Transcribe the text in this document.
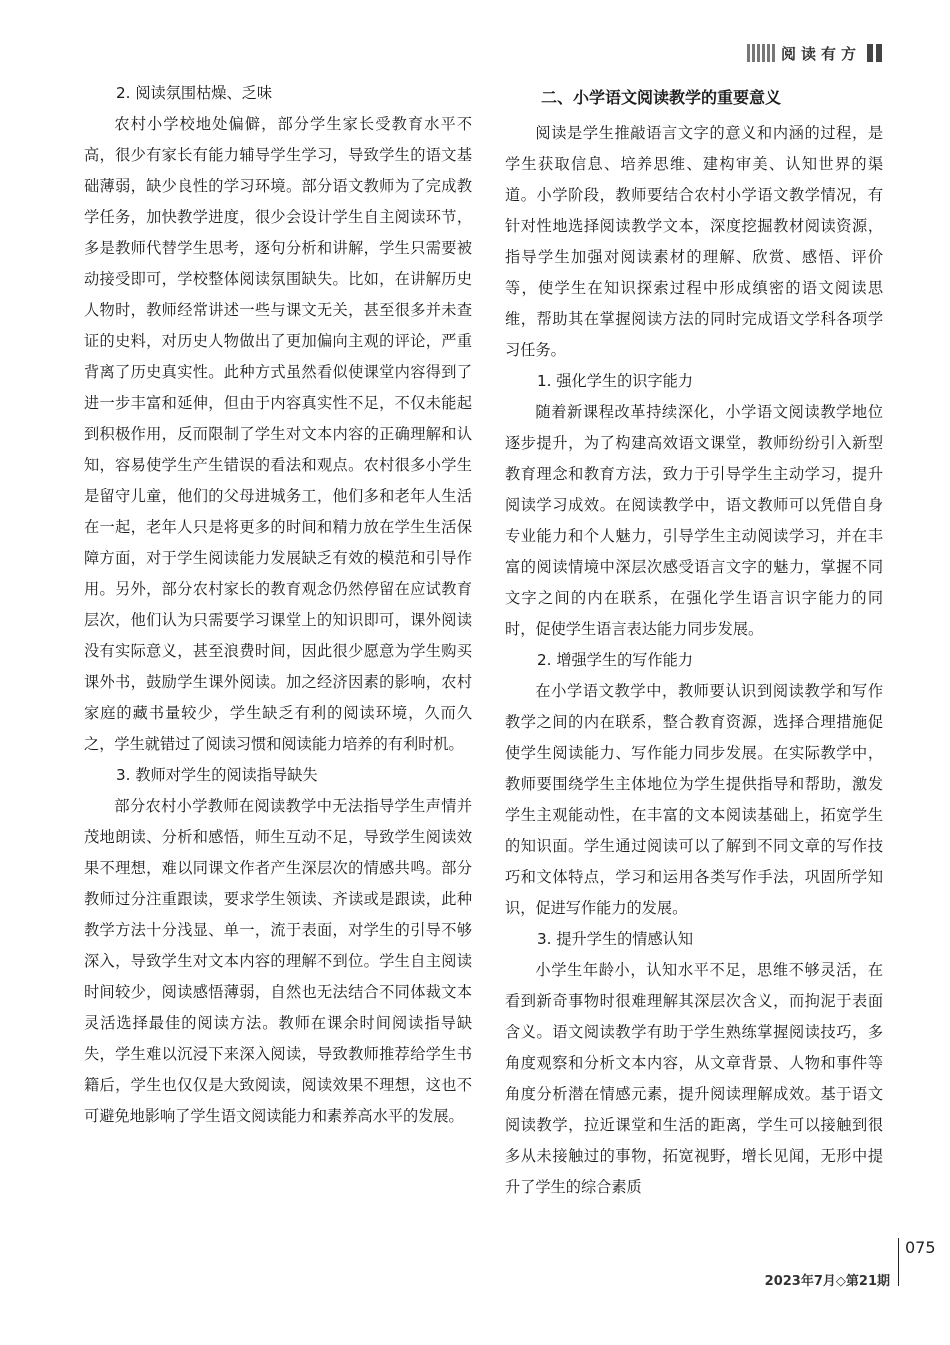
阅读有方

2. 阅读氛围枯燥、乏味

农村小学校地处偏僻，部分学生家长受教育水平不高，很少有家长有能力辅导学生学习，导致学生的语文基础薄弱，缺少良性的学习环境。部分语文教师为了完成教学任务，加快教学进度，很少会设计学生自主阅读环节，多是教师代替学生思考，逐句分析和讲解，学生只需要被动接受即可，学校整体阅读氛围缺失。比如，在讲解历史人物时，教师经常讲述一些与课文无关，甚至很多并未查证的史料，对历史人物做出了更加偏向主观的评论，严重背离了历史真实性。此种方式虽然看似使课堂内容得到了进一步丰富和延伸，但由于内容真实性不足，不仅未能起到积极作用，反而限制了学生对文本内容的正确理解和认知，容易使学生产生错误的看法和观点。农村很多小学生是留守儿童，他们的父母进城务工，他们多和老年人生活在一起，老年人只是将更多的时间和精力放在学生生活保障方面，对于学生阅读能力发展缺乏有效的模范和引导作用。另外，部分农村家长的教育观念仍然停留在应试教育层次，他们认为只需要学习课堂上的知识即可，课外阅读没有实际意义，甚至浪费时间，因此很少愿意为学生购买课外书，鼓励学生课外阅读。加之经济因素的影响，农村家庭的藏书量较少，学生缺乏有利的阅读环境，久而久之，学生就错过了阅读习惯和阅读能力培养的有利时机。

3. 教师对学生的阅读指导缺失

部分农村小学教师在阅读教学中无法指导学生声情并茂地朗读、分析和感悟，师生互动不足，导致学生阅读效果不理想，难以同课文作者产生深层次的情感共鸣。部分教师过分注重跟读，要求学生领读、齐读或是跟读，此种教学方法十分浅显、单一，流于表面，对学生的引导不够深入，导致学生对文本内容的理解不到位。学生自主阅读时间较少，阅读感悟薄弱，自然也无法结合不同体裁文本灵活选择最佳的阅读方法。教师在课余时间阅读指导缺失，学生难以沉浸下来深入阅读，导致教师推荐给学生书籍后，学生也仅仅是大致阅读，阅读效果不理想，这也不可避免地影响了学生语文阅读能力和素养高水平的发展。

二、小学语文阅读教学的重要意义

阅读是学生推敲语言文字的意义和内涵的过程，是学生获取信息、培养思维、建构审美、认知世界的渠道。小学阶段，教师要结合农村小学语文教学情况，有针对性地选择阅读教学文本，深度挖掘教材阅读资源，指导学生加强对阅读素材的理解、欣赏、感悟、评价等，使学生在知识探索过程中形成缜密的语文阅读思维，帮助其在掌握阅读方法的同时完成语文学科各项学习任务。

1. 强化学生的识字能力

随着新课程改革持续深化，小学语文阅读教学地位逐步提升，为了构建高效语文课堂，教师纷纷引入新型教育理念和教育方法，致力于引导学生主动学习，提升阅读学习成效。在阅读教学中，语文教师可以凭借自身专业能力和个人魅力，引导学生主动阅读学习，并在丰富的阅读情境中深层次感受语言文字的魅力，掌握不同文字之间的内在联系，在强化学生语言识字能力的同时，促使学生语言表达能力同步发展。

2. 增强学生的写作能力

在小学语文教学中，教师要认识到阅读教学和写作教学之间的内在联系，整合教育资源，选择合理措施促使学生阅读能力、写作能力同步发展。在实际教学中，教师要围绕学生主体地位为学生提供指导和帮助，激发学生主观能动性，在丰富的文本阅读基础上，拓宽学生的知识面。学生通过阅读可以了解到不同文章的写作技巧和文体特点，学习和运用各类写作手法，巩固所学知识，促进写作能力的发展。

3. 提升学生的情感认知

小学生年龄小，认知水平不足，思维不够灵活，在看到新奇事物时很难理解其深层次含义，而拘泥于表面含义。语文阅读教学有助于学生熟练掌握阅读技巧，多角度观察和分析文本内容，从文章背景、人物和事件等角度分析潜在情感元素，提升阅读理解成效。基于语文阅读教学，拉近课堂和生活的距离，学生可以接触到很多从未接触过的事物，拓宽视野，增长见闻，无形中提升了学生的综合素质

075
2023年7月◇第21期
